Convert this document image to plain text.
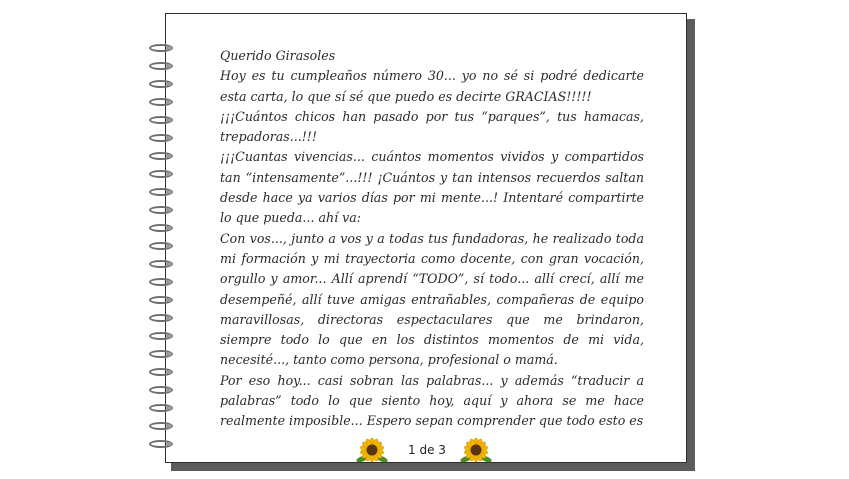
Querido Girasoles

Hoy es tu cumpleaños número 30... yo no sé si podré dedicarte esta carta, lo que sí sé que puedo es decirte GRACIAS!!!!!

¡¡¡Cuántos chicos han pasado por tus “parques”, tus hamacas, trepadoras...!!!

¡¡¡Cuantas vivencias... cuántos momentos vividos y compartidos tan “intensamente”...!!! ¡Cuántos y tan intensos recuerdos saltan desde hace ya varios días por mi mente...! Intentaré compartirte lo que pueda... ahí va:

Con vos..., junto a vos y a todas tus fundadoras, he realizado toda mi formación y mi trayectoria como docente, con gran vocación, orgullo y amor... Allí aprendí “TODO”, sí todo... allí crecí, allí me desempeñé, allí tuve amigas entrañables, compañeras de equipo maravillosas, directoras espectaculares que me brindaron, siempre todo lo que en los distintos momentos de mi vida, necesité..., tanto como persona, profesional o mamá.

Por eso hoy... casi sobran las palabras... y además “traducir a palabras” todo lo que siento hoy, aquí y ahora se me hace realmente imposible... Espero sepan comprender que todo esto es

1 de 3
